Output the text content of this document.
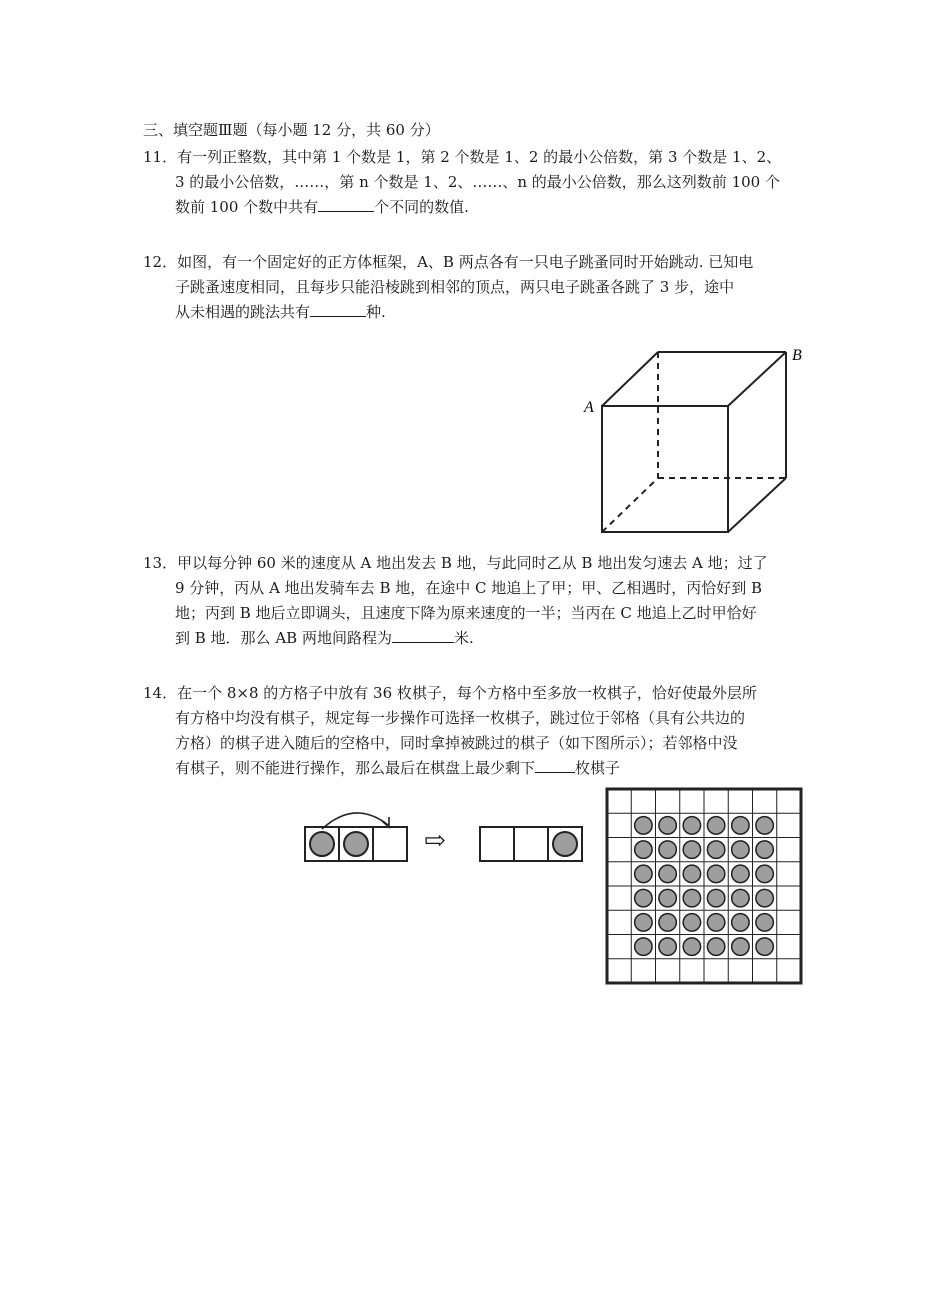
三、填空题Ⅲ题（每小题 12 分，共 60 分）
11．有一列正整数，其中第 1 个数是 1，第 2 个数是 1、2 的最小公倍数，第 3 个数是 1、2、
3 的最小公倍数，……，第 n 个数是 1、2、……、n 的最小公倍数，那么这列数前 100 个
数前 100 个数中共有	个不同的数值.
12．如图，有一个固定好的正方体框架，A、B 两点各有一只电子跳蚤同时开始跳动. 已知电
子跳蚤速度相同，且每步只能沿棱跳到相邻的顶点，两只电子跳蚤各跳了 3 步，途中
从未相遇的跳法共有	种.
A
B
13．甲以每分钟 60 米的速度从 A 地出发去 B 地，与此同时乙从 B 地出发匀速去 A 地；过了
9 分钟，丙从 A 地出发骑车去 B 地，在途中 C 地追上了甲；甲、乙相遇时，丙恰好到 B
地；丙到 B 地后立即调头，且速度下降为原来速度的一半；当丙在 C 地追上乙时甲恰好
到 B 地．那么 AB 两地间路程为	米.
14．在一个 8×8 的方格子中放有 36 枚棋子，每个方格中至多放一枚棋子，恰好使最外层所
有方格中均没有棋子，规定每一步操作可选择一枚棋子，跳过位于邻格（具有公共边的
方格）的棋子进入随后的空格中，同时拿掉被跳过的棋子（如下图所示）；若邻格中没
有棋子，则不能进行操作，那么最后在棋盘上最少剩下	枚棋子
⇨
